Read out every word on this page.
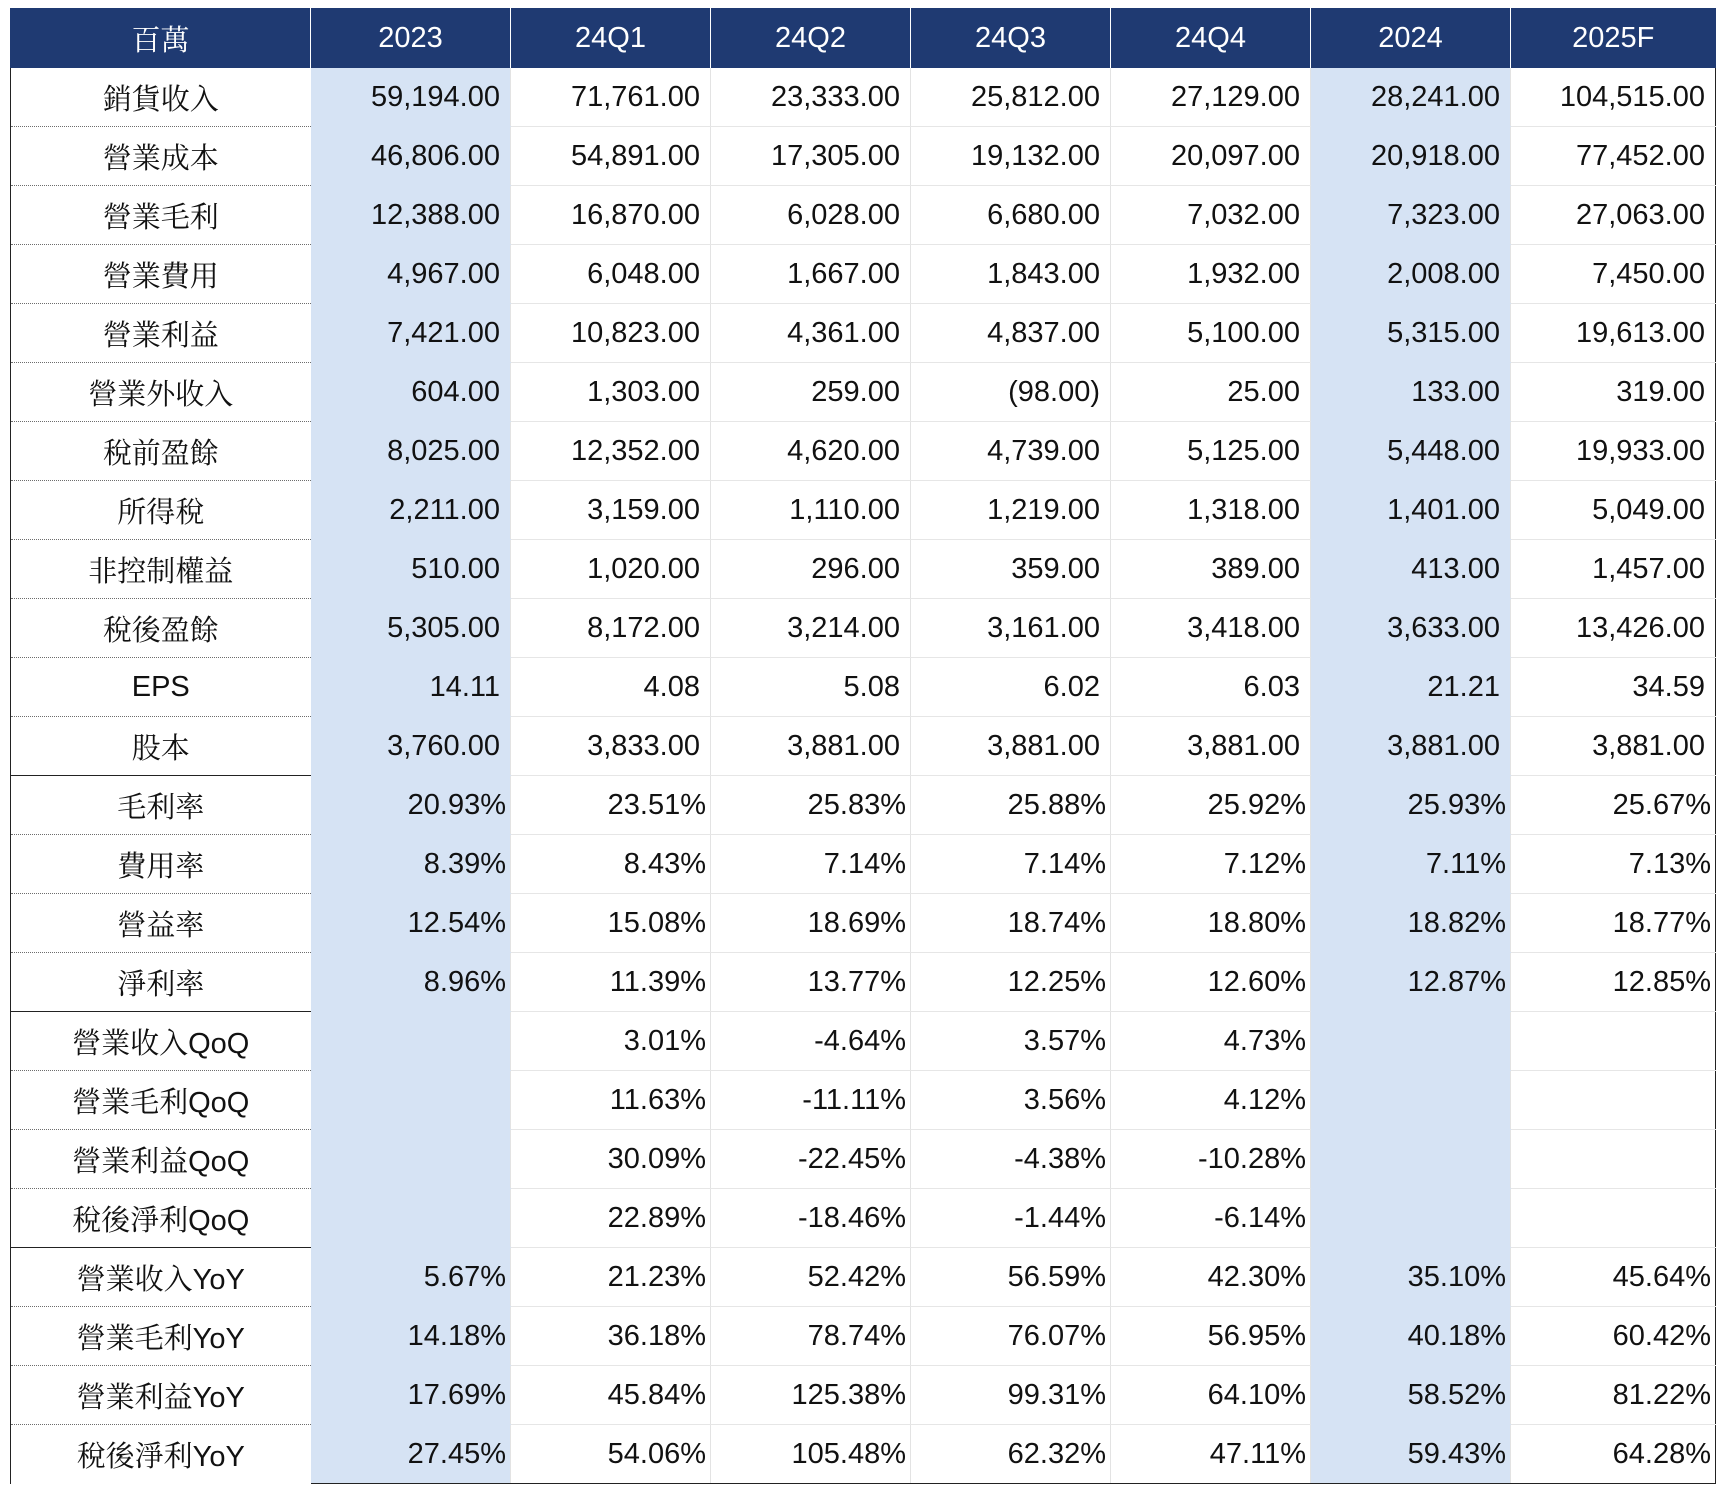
百萬	2023	24Q1	24Q2	24Q3	24Q4	2024	2025F
銷貨收入	59,194.00	71,761.00	23,333.00	25,812.00	27,129.00	28,241.00	104,515.00
營業成本	46,806.00	54,891.00	17,305.00	19,132.00	20,097.00	20,918.00	77,452.00
營業毛利	12,388.00	16,870.00	6,028.00	6,680.00	7,032.00	7,323.00	27,063.00
營業費用	4,967.00	6,048.00	1,667.00	1,843.00	1,932.00	2,008.00	7,450.00
營業利益	7,421.00	10,823.00	4,361.00	4,837.00	5,100.00	5,315.00	19,613.00
營業外收入	604.00	1,303.00	259.00	(98.00)	25.00	133.00	319.00
稅前盈餘	8,025.00	12,352.00	4,620.00	4,739.00	5,125.00	5,448.00	19,933.00
所得稅	2,211.00	3,159.00	1,110.00	1,219.00	1,318.00	1,401.00	5,049.00
非控制權益	510.00	1,020.00	296.00	359.00	389.00	413.00	1,457.00
稅後盈餘	5,305.00	8,172.00	3,214.00	3,161.00	3,418.00	3,633.00	13,426.00
EPS	14.11	4.08	5.08	6.02	6.03	21.21	34.59
股本	3,760.00	3,833.00	3,881.00	3,881.00	3,881.00	3,881.00	3,881.00
毛利率	20.93%	23.51%	25.83%	25.88%	25.92%	25.93%	25.67%
費用率	8.39%	8.43%	7.14%	7.14%	7.12%	7.11%	7.13%
營益率	12.54%	15.08%	18.69%	18.74%	18.80%	18.82%	18.77%
淨利率	8.96%	11.39%	13.77%	12.25%	12.60%	12.87%	12.85%
營業收入QoQ		3.01%	-4.64%	3.57%	4.73%		
營業毛利QoQ		11.63%	-11.11%	3.56%	4.12%		
營業利益QoQ		30.09%	-22.45%	-4.38%	-10.28%		
稅後淨利QoQ		22.89%	-18.46%	-1.44%	-6.14%		
營業收入YoY	5.67%	21.23%	52.42%	56.59%	42.30%	35.10%	45.64%
營業毛利YoY	14.18%	36.18%	78.74%	76.07%	56.95%	40.18%	60.42%
營業利益YoY	17.69%	45.84%	125.38%	99.31%	64.10%	58.52%	81.22%
稅後淨利YoY	27.45%	54.06%	105.48%	62.32%	47.11%	59.43%	64.28%
